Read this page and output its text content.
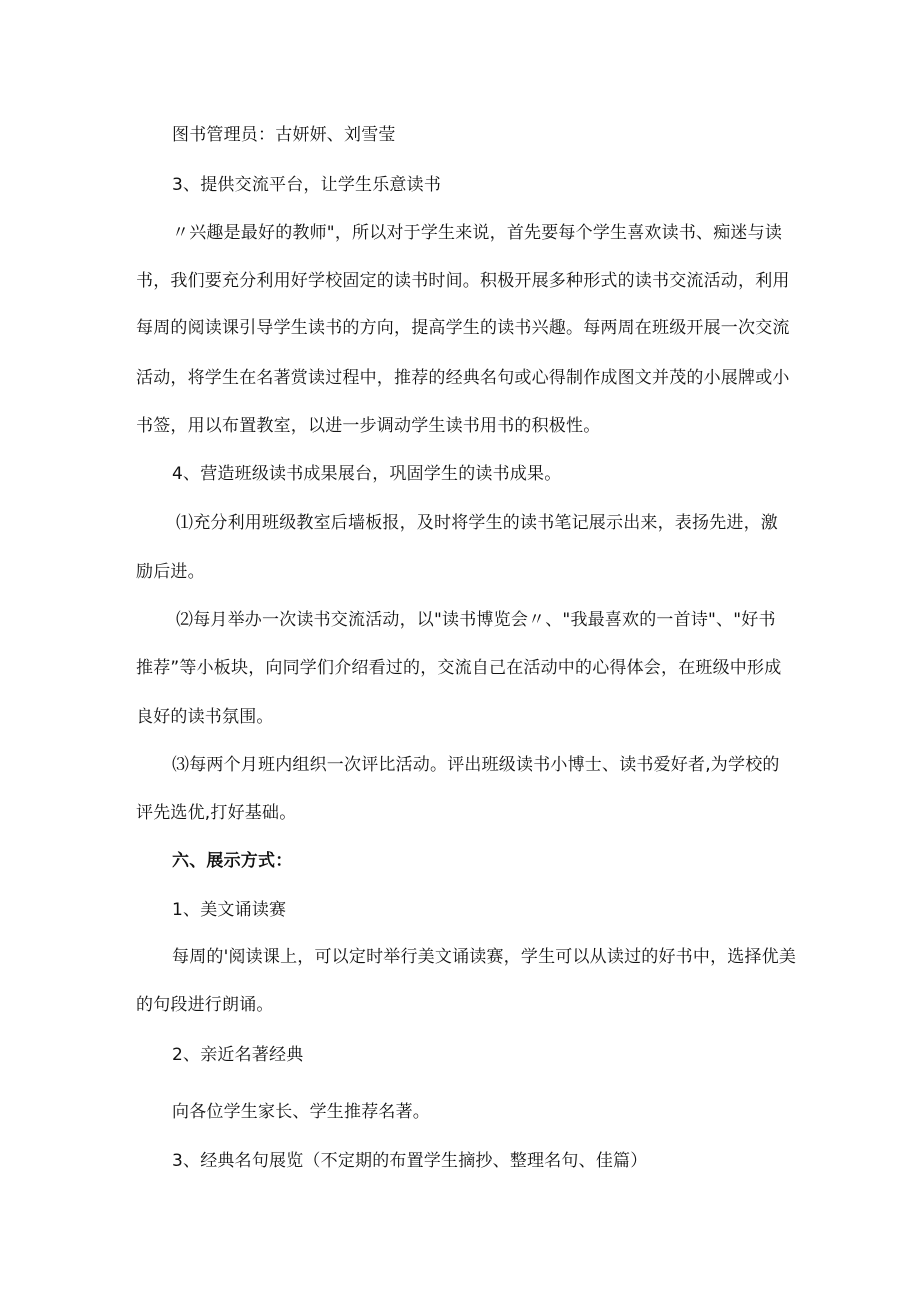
图书管理员：古妍妍、刘雪莹
3、提供交流平台，让学生乐意读书
〃兴趣是最好的教师"，所以对于学生来说，首先要每个学生喜欢读书、痴迷与读
书，我们要充分利用好学校固定的读书时间。积极开展多种形式的读书交流活动，利用
每周的阅读课引导学生读书的方向，提高学生的读书兴趣。每两周在班级开展一次交流
活动，将学生在名著赏读过程中，推荐的经典名句或心得制作成图文并茂的小展牌或小
书签，用以布置教室，以进一步调动学生读书用书的积极性。
4、营造班级读书成果展台，巩固学生的读书成果。
⑴充分利用班级教室后墙板报，及时将学生的读书笔记展示出来，表扬先进，激
励后进。
⑵每月举办一次读书交流活动，以"读书博览会〃、"我最喜欢的一首诗"、"好书
推荐”等小板块，向同学们介绍看过的，交流自己在活动中的心得体会，在班级中形成
良好的读书氛围。
⑶每两个月班内组织一次评比活动。评出班级读书小博士、读书爱好者,为学校的
评先选优,打好基础。
六、展示方式：
1、美文诵读赛
每周的'阅读课上，可以定时举行美文诵读赛，学生可以从读过的好书中，选择优美
的句段进行朗诵。
2、亲近名著经典
向各位学生家长、学生推荐名著。
3、经典名句展览（不定期的布置学生摘抄、整理名句、佳篇）
